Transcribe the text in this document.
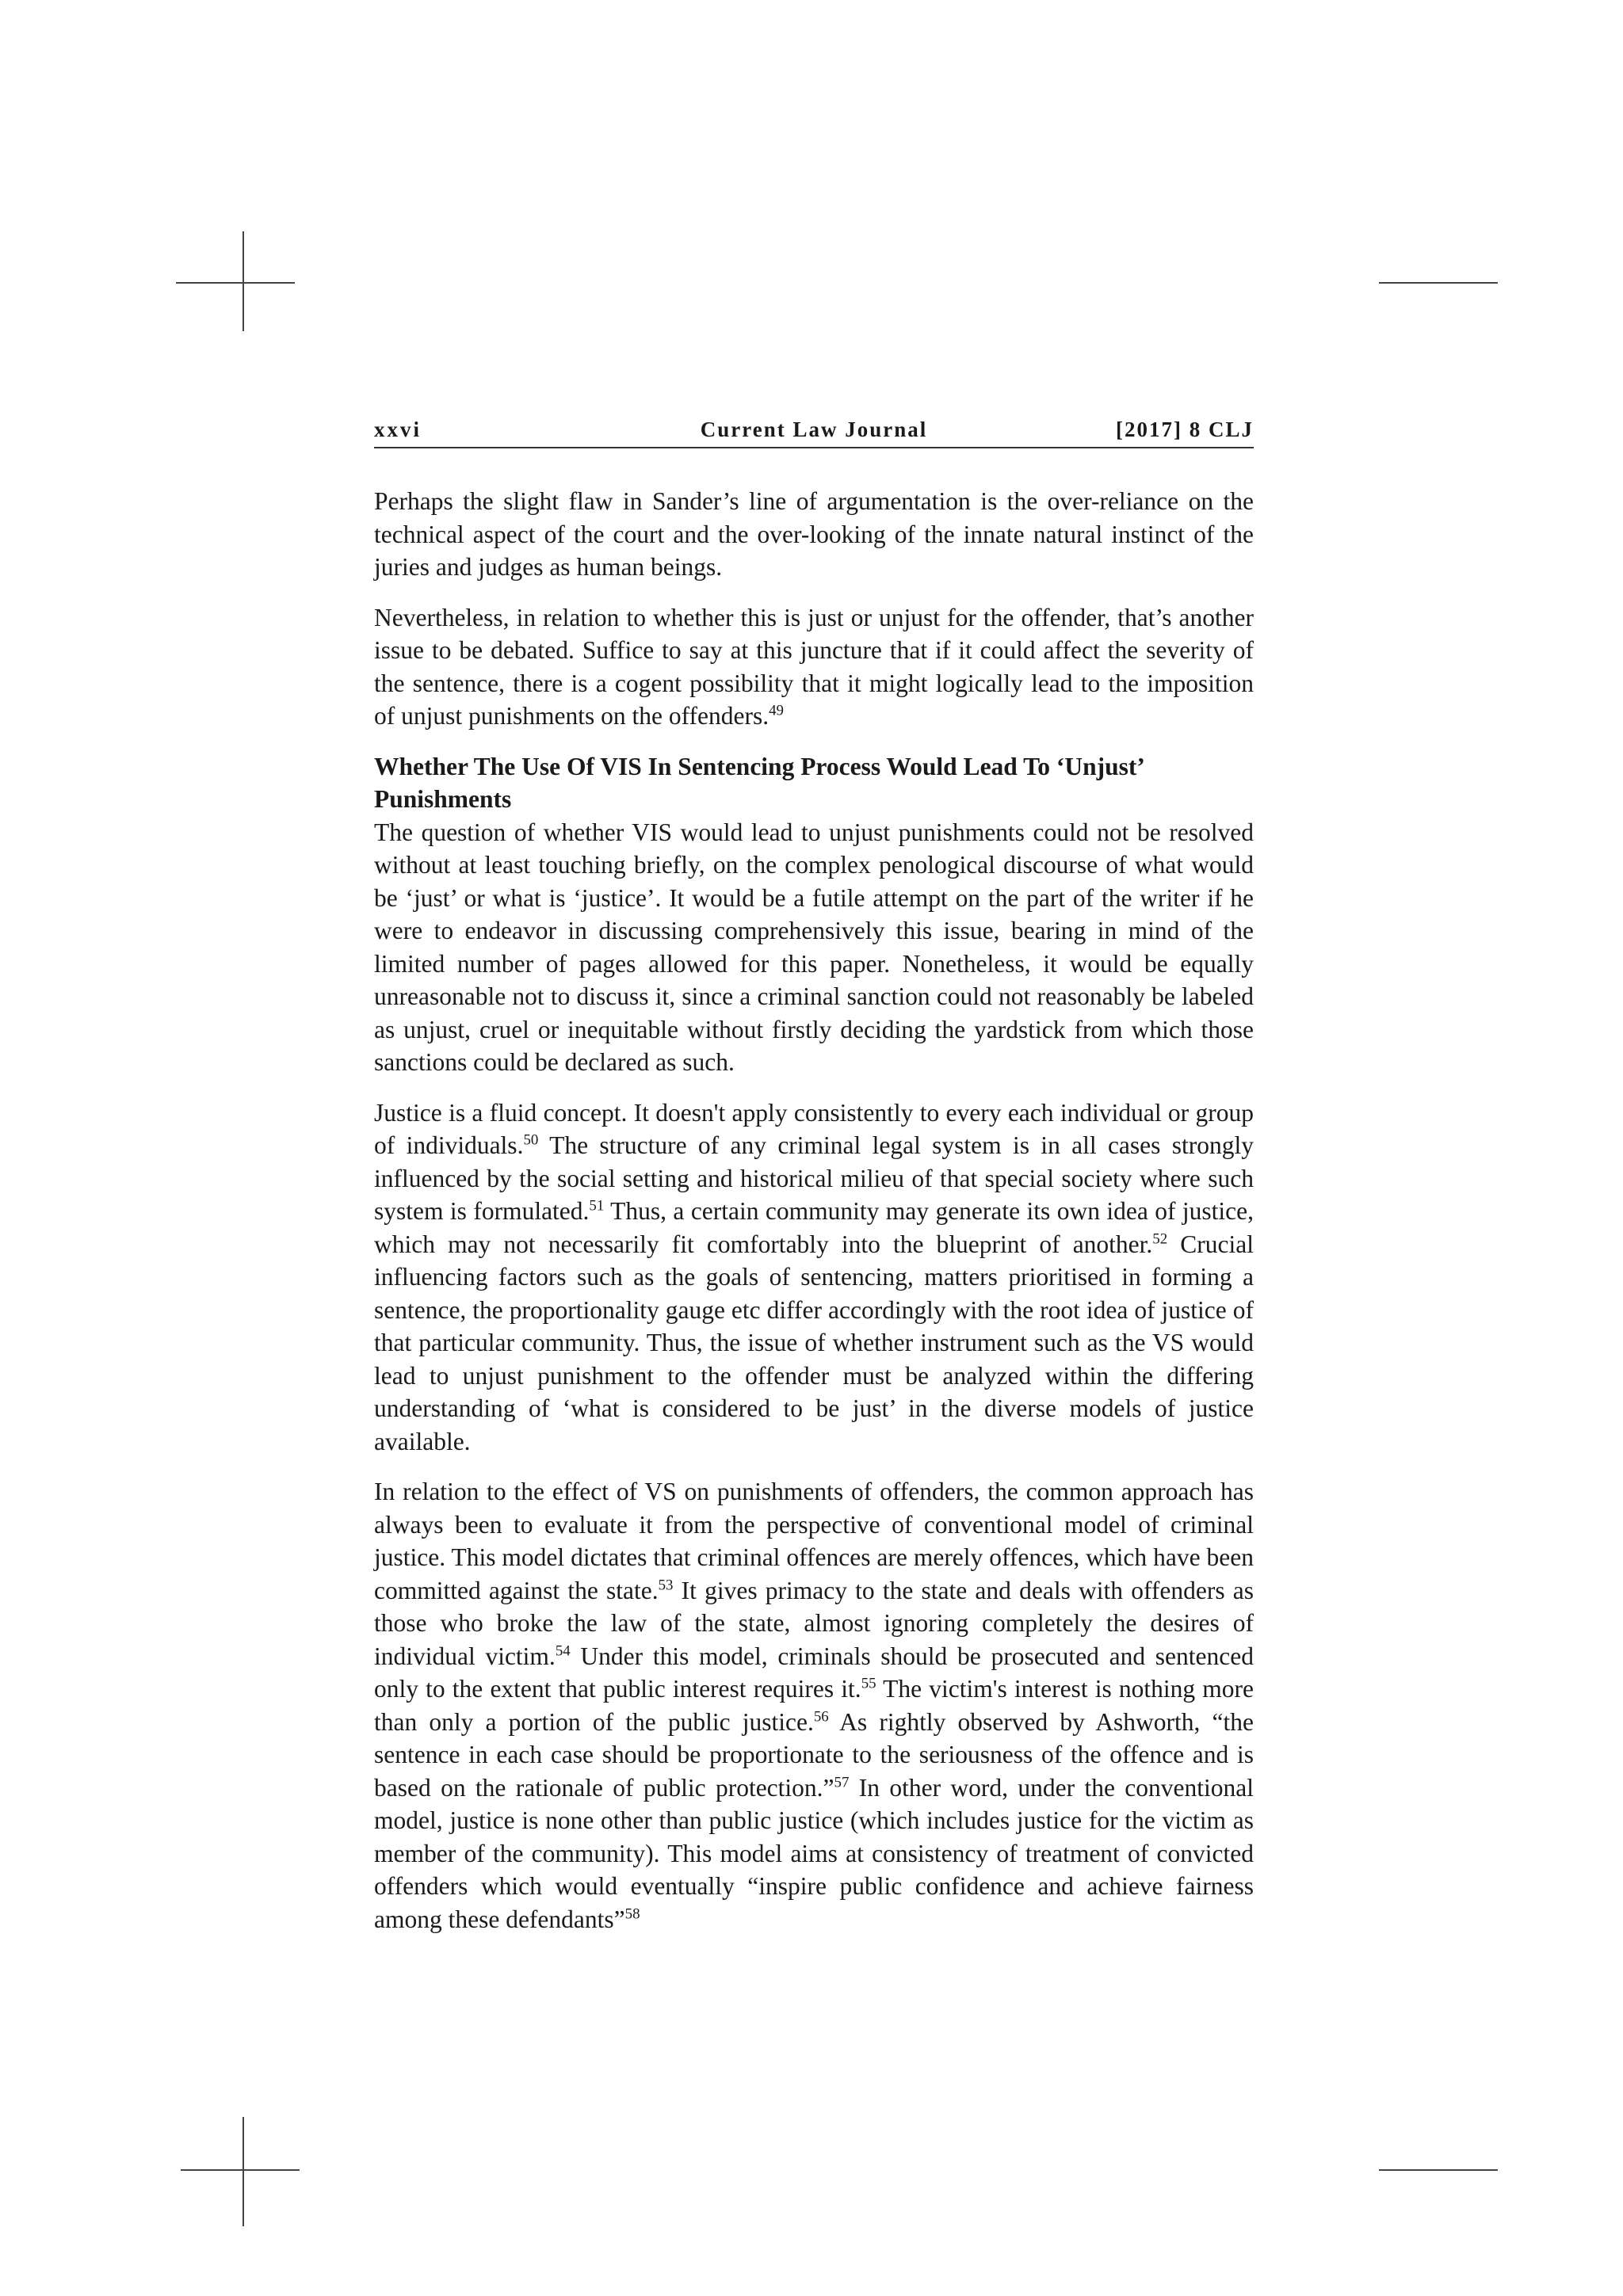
xxvi	Current Law Journal	[2017] 8 CLJ

Perhaps the slight flaw in Sander’s line of argumentation is the over-reliance on the technical aspect of the court and the over-looking of the innate natural instinct of the juries and judges as human beings.

Nevertheless, in relation to whether this is just or unjust for the offender, that’s another issue to be debated. Suffice to say at this juncture that if it could affect the severity of the sentence, there is a cogent possibility that it might logically lead to the imposition of unjust punishments on the offenders.$^{49}$

Whether The Use Of VIS In Sentencing Process Would Lead To ‘Unjust’ Punishments

The question of whether VIS would lead to unjust punishments could not be resolved without at least touching briefly, on the complex penological discourse of what would be ‘just’ or what is ‘justice’. It would be a futile attempt on the part of the writer if he were to endeavor in discussing comprehensively this issue, bearing in mind of the limited number of pages allowed for this paper. Nonetheless, it would be equally unreasonable not to discuss it, since a criminal sanction could not reasonably be labeled as unjust, cruel or inequitable without firstly deciding the yardstick from which those sanctions could be declared as such.

Justice is a fluid concept. It doesn't apply consistently to every each individual or group of individuals.$^{50}$ The structure of any criminal legal system is in all cases strongly influenced by the social setting and historical milieu of that special society where such system is formulated.$^{51}$ Thus, a certain community may generate its own idea of justice, which may not necessarily fit comfortably into the blueprint of another.$^{52}$ Crucial influencing factors such as the goals of sentencing, matters prioritised in forming a sentence, the proportionality gauge etc differ accordingly with the root idea of justice of that particular community. Thus, the issue of whether instrument such as the VS would lead to unjust punishment to the offender must be analyzed within the differing understanding of ‘what is considered to be just’ in the diverse models of justice available.

In relation to the effect of VS on punishments of offenders, the common approach has always been to evaluate it from the perspective of conventional model of criminal justice. This model dictates that criminal offences are merely offences, which have been committed against the state.$^{53}$ It gives primacy to the state and deals with offenders as those who broke the law of the state, almost ignoring completely the desires of individual victim.$^{54}$ Under this model, criminals should be prosecuted and sentenced only to the extent that public interest requires it.$^{55}$ The victim's interest is nothing more than only a portion of the public justice.$^{56}$ As rightly observed by Ashworth, “the sentence in each case should be proportionate to the seriousness of the offence and is based on the rationale of public protection.”$^{57}$ In other word, under the conventional model, justice is none other than public justice (which includes justice for the victim as member of the community). This model aims at consistency of treatment of convicted offenders which would eventually “inspire public confidence and achieve fairness among these defendants”$^{58}$
